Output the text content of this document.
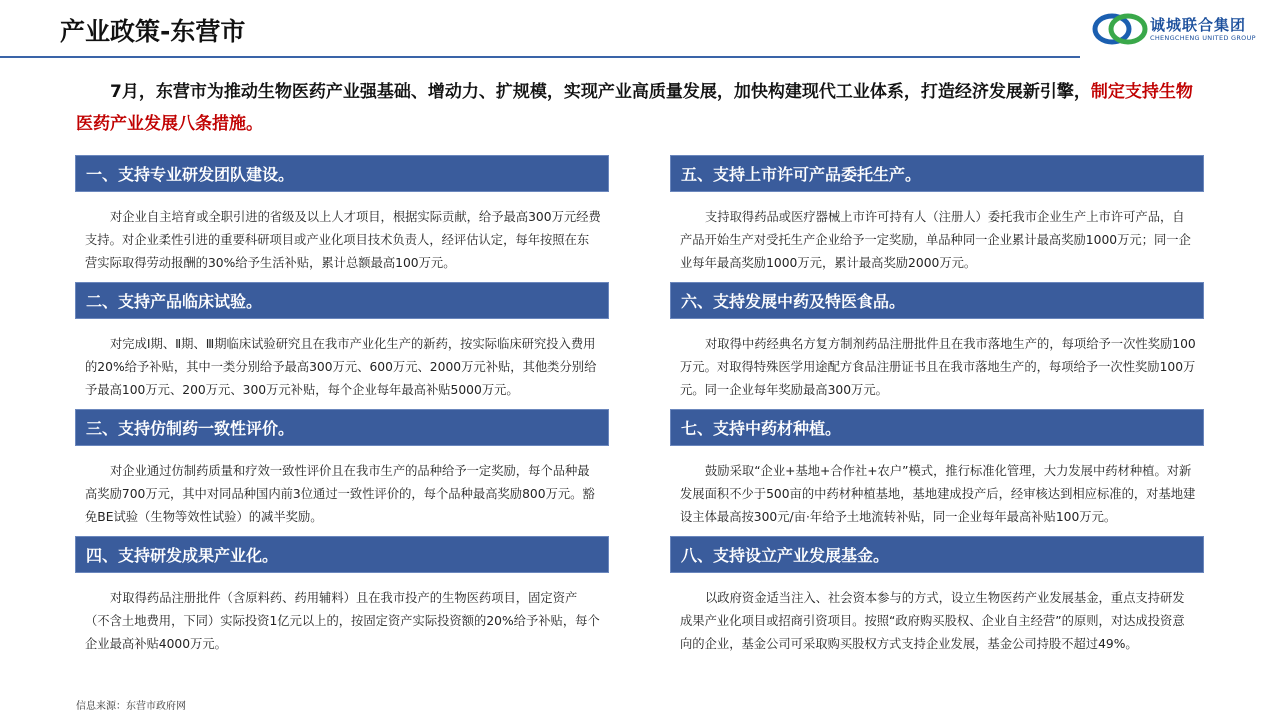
产业政策-东营市	诚城联合集团
CHENGCHENG UNITED GROUP
7月，东营市为推动生物医药产业强基础、增动力、扩规模，实现产业高质量发展，加快构建现代工业体系，打造经济发展新引擎，制定支持生物医药产业发展八条措施。
一、支持专业研发团队建设。
对企业自主培育或全职引进的省级及以上人才项目，根据实际贡献，给予最高300万元经费支持。对企业柔性引进的重要科研项目或产业化项目技术负责人，经评估认定，每年按照在东营实际取得劳动报酬的30%给予生活补贴，累计总额最高100万元。
二、支持产品临床试验。
对完成Ⅰ期、Ⅱ期、Ⅲ期临床试验研究且在我市产业化生产的新药，按实际临床研究投入费用的20%给予补贴，其中一类分别给予最高300万元、600万元、2000万元补贴，其他类分别给予最高100万元、200万元、300万元补贴，每个企业每年最高补贴5000万元。
三、支持仿制药一致性评价。
对企业通过仿制药质量和疗效一致性评价且在我市生产的品种给予一定奖励，每个品种最高奖励700万元，其中对同品种国内前3位通过一致性评价的，每个品种最高奖励800万元。豁免BE试验（生物等效性试验）的减半奖励。
四、支持研发成果产业化。
对取得药品注册批件（含原料药、药用辅料）且在我市投产的生物医药项目，固定资产（不含土地费用，下同）实际投资1亿元以上的，按固定资产实际投资额的20%给予补贴，每个企业最高补贴4000万元。
五、支持上市许可产品委托生产。
支持取得药品或医疗器械上市许可持有人（注册人）委托我市企业生产上市许可产品，自产品开始生产对受托生产企业给予一定奖励，单品种同一企业累计最高奖励1000万元；同一企业每年最高奖励1000万元，累计最高奖励2000万元。
六、支持发展中药及特医食品。
对取得中药经典名方复方制剂药品注册批件且在我市落地生产的，每项给予一次性奖励100万元。对取得特殊医学用途配方食品注册证书且在我市落地生产的，每项给予一次性奖励100万元。同一企业每年奖励最高300万元。
七、支持中药材种植。
鼓励采取“企业+基地+合作社+农户”模式，推行标准化管理，大力发展中药材种植。对新发展面积不少于500亩的中药材种植基地，基地建成投产后，经审核达到相应标准的，对基地建设主体最高按300元/亩·年给予土地流转补贴，同一企业每年最高补贴100万元。
八、支持设立产业发展基金。
以政府资金适当注入、社会资本参与的方式，设立生物医药产业发展基金，重点支持研发成果产业化项目或招商引资项目。按照“政府购买股权、企业自主经营”的原则，对达成投资意向的企业，基金公司可采取购买股权方式支持企业发展，基金公司持股不超过49%。
信息来源：东营市政府网
